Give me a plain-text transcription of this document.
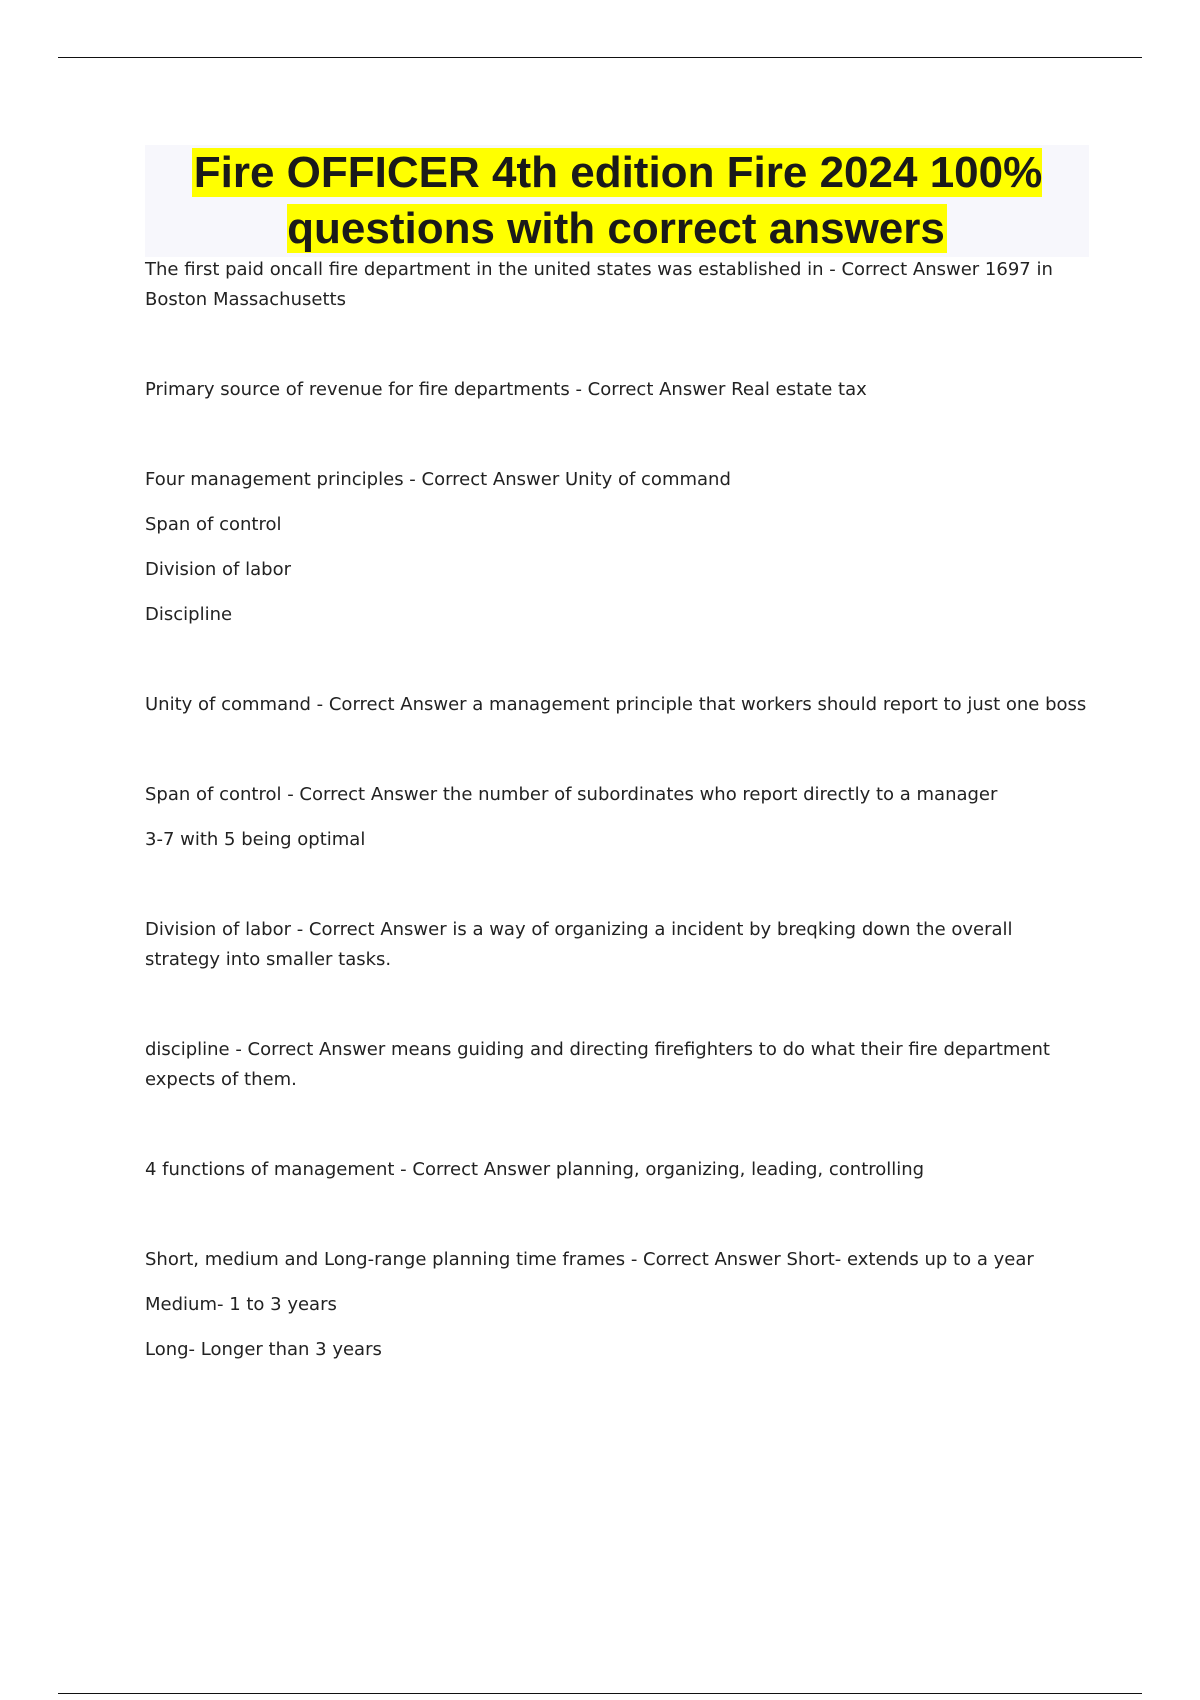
Fire OFFICER 4th edition Fire 2024 100% questions with correct answers

The first paid oncall fire department in the united states was established in - Correct Answer 1697 in Boston Massachusetts

Primary source of revenue for fire departments - Correct Answer Real estate tax

Four management principles - Correct Answer Unity of command

Span of control

Division of labor

Discipline

Unity of command - Correct Answer a management principle that workers should report to just one boss

Span of control - Correct Answer the number of subordinates who report directly to a manager

3-7 with 5 being optimal

Division of labor - Correct Answer is a way of organizing a incident by breqking down the overall strategy into smaller tasks.

discipline - Correct Answer means guiding and directing firefighters to do what their fire department expects of them.

4 functions of management - Correct Answer planning, organizing, leading, controlling

Short, medium and Long-range planning time frames - Correct Answer Short- extends up to a year

Medium- 1 to 3 years

Long- Longer than 3 years
